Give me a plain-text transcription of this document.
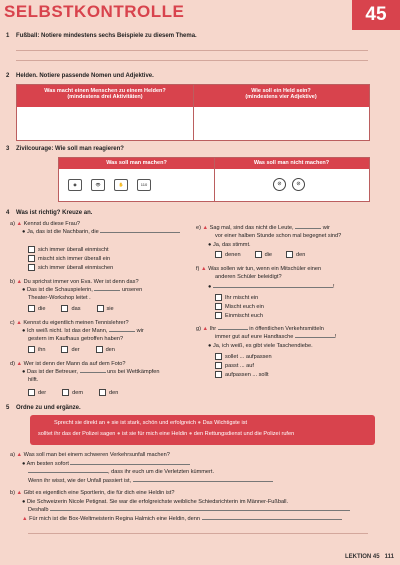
SELBSTKONTROLLE	45
1 Fußball: Notiere mindestens sechs Beispiele zu diesem Thema.
2 Helden. Notiere passende Nomen und Adjektive.
Was macht einen Menschen zu einem Helden?
(mindestens drei Aktivitäten)
Wie soll ein Held sein?
(mindestens vier Adjektive)
3 Zivilcourage: Wie soll man reagieren?
Was soll man machen?	Was soll man nicht machen?
◉	👁	✋	110	⊘	⊘
4 Was ist richtig? Kreuze an.
a) ▲ Kennst du diese Frau?
● Ja, das ist die Nachbarin, die
sich immer überall einmischt
mischt sich immer überall ein
sich immer überall einmischen
b) ▲ Du sprichst immer von Eva. Wer ist denn das?
● Das ist die Schauspielerin,	unseren
Theater-Workshop leitet .
die	das	sie
c) ▲ Kennst du eigentlich meinen Tennislehrer?
● Ich weiß nicht. Ist das der Mann,	wir
gestern im Kaufhaus getroffen haben?
ihn	der	den
d) ▲ Wer ist denn der Mann da auf dem Foto?
● Das ist der Betreuer,	uns bei Wettkämpfen
hilft.
der	dem	den
e) ▲ Sag mal, sind das nicht die Leute,	wir
vor einer halben Stunde schon mal begegnet sind?
● Ja, das stimmt.
denen	die	den
f) ▲ Was sollen wir tun, wenn ein Mitschüler einen
anderen Schüler beleidigt?
●	!
Ihr mischt ein
Mischt euch ein
Einmischt euch
g) ▲ Ihr	in öffentlichen Verkehrsmitteln
immer gut auf eure Handtasche	!
● Ja, ich weiß, es gibt viele Taschendiebe.
sollet ... aufpassen
passt ... auf
aufpassen ... sollt
5 Ordne zu und ergänze.
Sprecht sie direkt an ● sie ist stark, schön und erfolgreich ● Das Wichtigste ist
solltet ihr das der Polizei sagen ● ist sie für mich eine Heldin ● den Rettungsdienst und die Polizei rufen
a) ▲ Was soll man bei einem schweren Verkehrsunfall machen?
● Am besten sofort
, dass ihr euch um die Verletzten kümmert.
Wenn ihr wisst, wie der Unfall passiert ist,
b) ▲ Gibt es eigentlich eine Sportlerin, die für dich eine Heldin ist?
● Die Schweizerin Nicole Petignat. Sie war die erfolgreichste weibliche Schiedsrichterin im Männer-Fußball.
Deshalb
▲ Für mich ist die Box-Weltmeisterin Regina Halmich eine Heldin, denn
LEKTION 45 111
